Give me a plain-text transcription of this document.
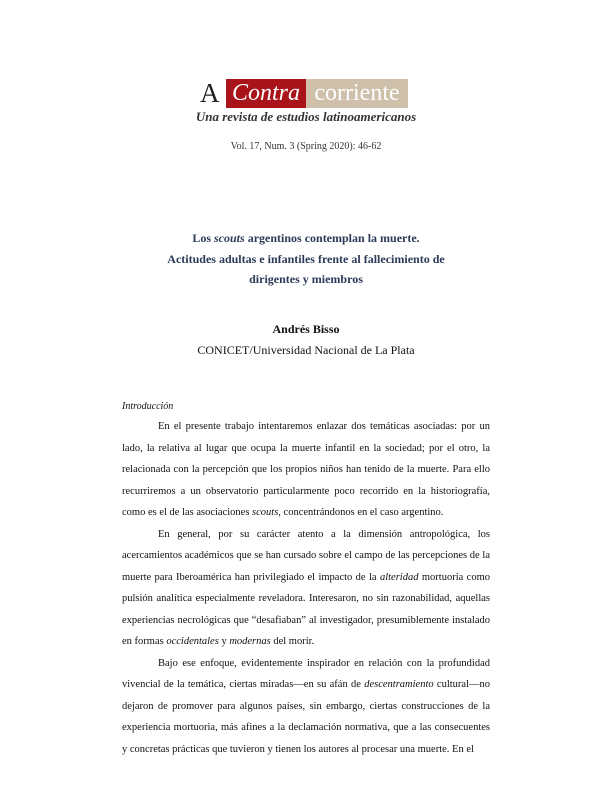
A Contra corriente
Una revista de estudios latinoamericanos
Vol. 17, Num. 3 (Spring 2020): 46-62
Los scouts argentinos contemplan la muerte.
Actitudes adultas e infantiles frente al fallecimiento de
dirigentes y miembros
Andrés Bisso
CONICET/Universidad Nacional de La Plata
Introducción

En el presente trabajo intentaremos enlazar dos temáticas asociadas: por un lado, la relativa al lugar que ocupa la muerte infantil en la sociedad; por el otro, la relacionada con la percepción que los propios niños han tenido de la muerte. Para ello recurriremos a un observatorio particularmente poco recorrido en la historiografía, como es el de las asociaciones scouts, concentrándonos en el caso argentino.

En general, por su carácter atento a la dimensión antropológica, los acercamientos académicos que se han cursado sobre el campo de las percepciones de la muerte para Iberoamérica han privilegiado el impacto de la alteridad mortuoria como pulsión analítica especialmente reveladora. Interesaron, no sin razonabilidad, aquellas experiencias necrológicas que “desafiaban” al investigador, presumiblemente instalado en formas occidentales y modernas del morir.

Bajo ese enfoque, evidentemente inspirador en relación con la profundidad vivencial de la temática, ciertas miradas—en su afán de descentramiento cultural—no dejaron de promover para algunos países, sin embargo, ciertas construcciones de la experiencia mortuoria, más afines a la declamación normativa, que a las consecuentes y concretas prácticas que tuvieron y tienen los autores al procesar una muerte. En el
